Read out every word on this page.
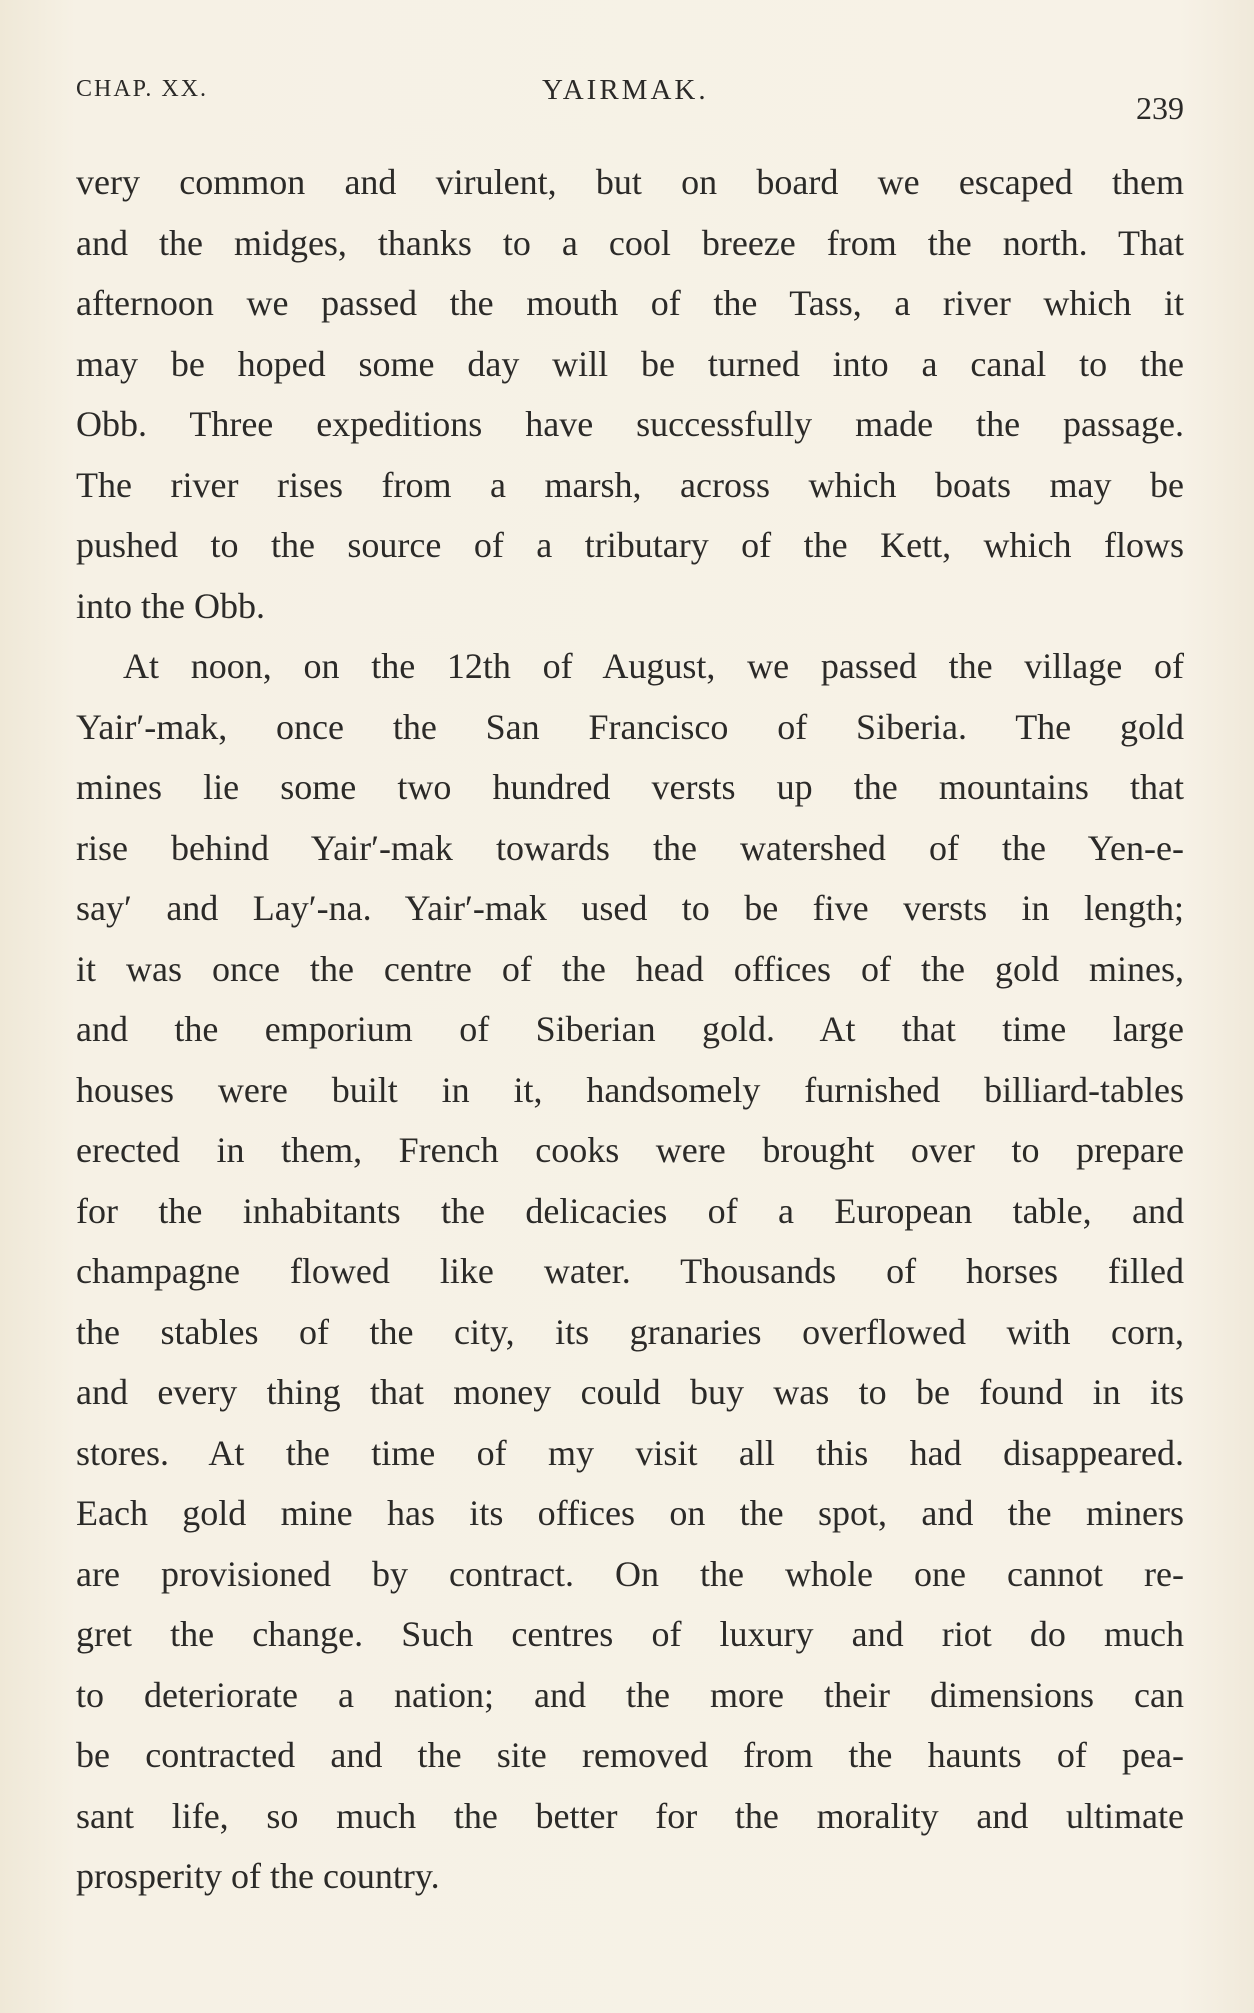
CHAP. XX.	YAIRMAK.	239
very common and virulent, but on board we escaped them
and the midges, thanks to a cool breeze from the north. That
afternoon we passed the mouth of the Tass, a river which it
may be hoped some day will be turned into a canal to the
Obb. Three expeditions have successfully made the passage.
The river rises from a marsh, across which boats may be
pushed to the source of a tributary of the Kett, which flows
into the Obb.
At noon, on the 12th of August, we passed the village of
Yair′-mak, once the San Francisco of Siberia. The gold
mines lie some two hundred versts up the mountains that
rise behind Yair′-mak towards the watershed of the Yen-e-
say′ and Lay′-na. Yair′-mak used to be five versts in length;
it was once the centre of the head offices of the gold mines,
and the emporium of Siberian gold. At that time large
houses were built in it, handsomely furnished billiard-tables
erected in them, French cooks were brought over to prepare
for the inhabitants the delicacies of a European table, and
champagne flowed like water. Thousands of horses filled
the stables of the city, its granaries overflowed with corn,
and every thing that money could buy was to be found in its
stores. At the time of my visit all this had disappeared.
Each gold mine has its offices on the spot, and the miners
are provisioned by contract. On the whole one cannot re-
gret the change. Such centres of luxury and riot do much
to deteriorate a nation; and the more their dimensions can
be contracted and the site removed from the haunts of pea-
sant life, so much the better for the morality and ultimate
prosperity of the country.
